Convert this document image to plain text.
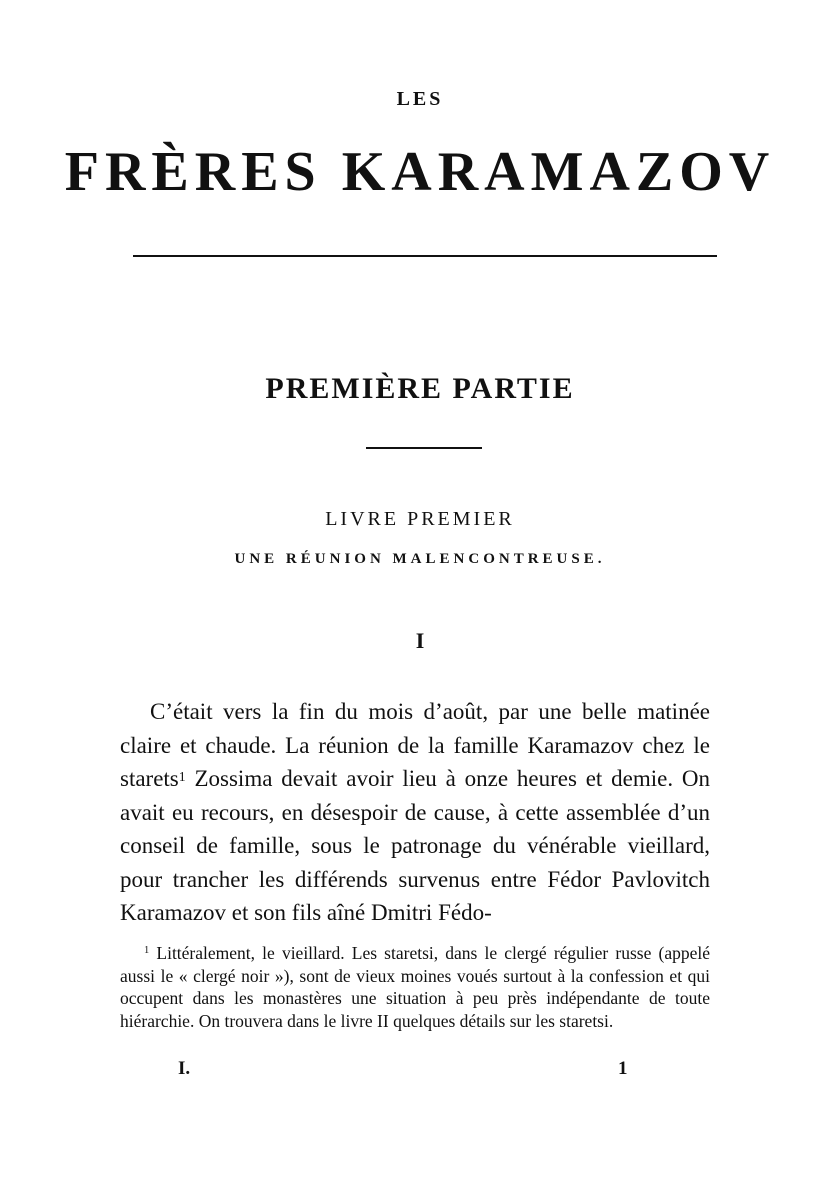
LES
FRÈRES KARAMAZOV
PREMIÈRE PARTIE
LIVRE PREMIER
UNE RÉUNION MALENCONTREUSE.
I

C’était vers la fin du mois d’août, par une belle matinée claire et chaude. La réunion de la famille Karamazov chez le starets$^1$ Zossima devait avoir lieu à onze heures et demie. On avait eu recours, en désespoir de cause, à cette assemblée d’un conseil de famille, sous le patronage du vénérable vieillard, pour trancher les différends survenus entre Fédor Pavlovitch Karamazov et son fils aîné Dmitri Fédo-

$^1$ Littéralement, le vieillard. Les staretsi, dans le clergé régulier russe (appelé aussi le « clergé noir »), sont de vieux moines voués surtout à la confession et qui occupent dans les monastères une situation à peu près indépendante de toute hiérarchie. On trouvera dans le livre II quelques détails sur les staretsi.

I.	1
